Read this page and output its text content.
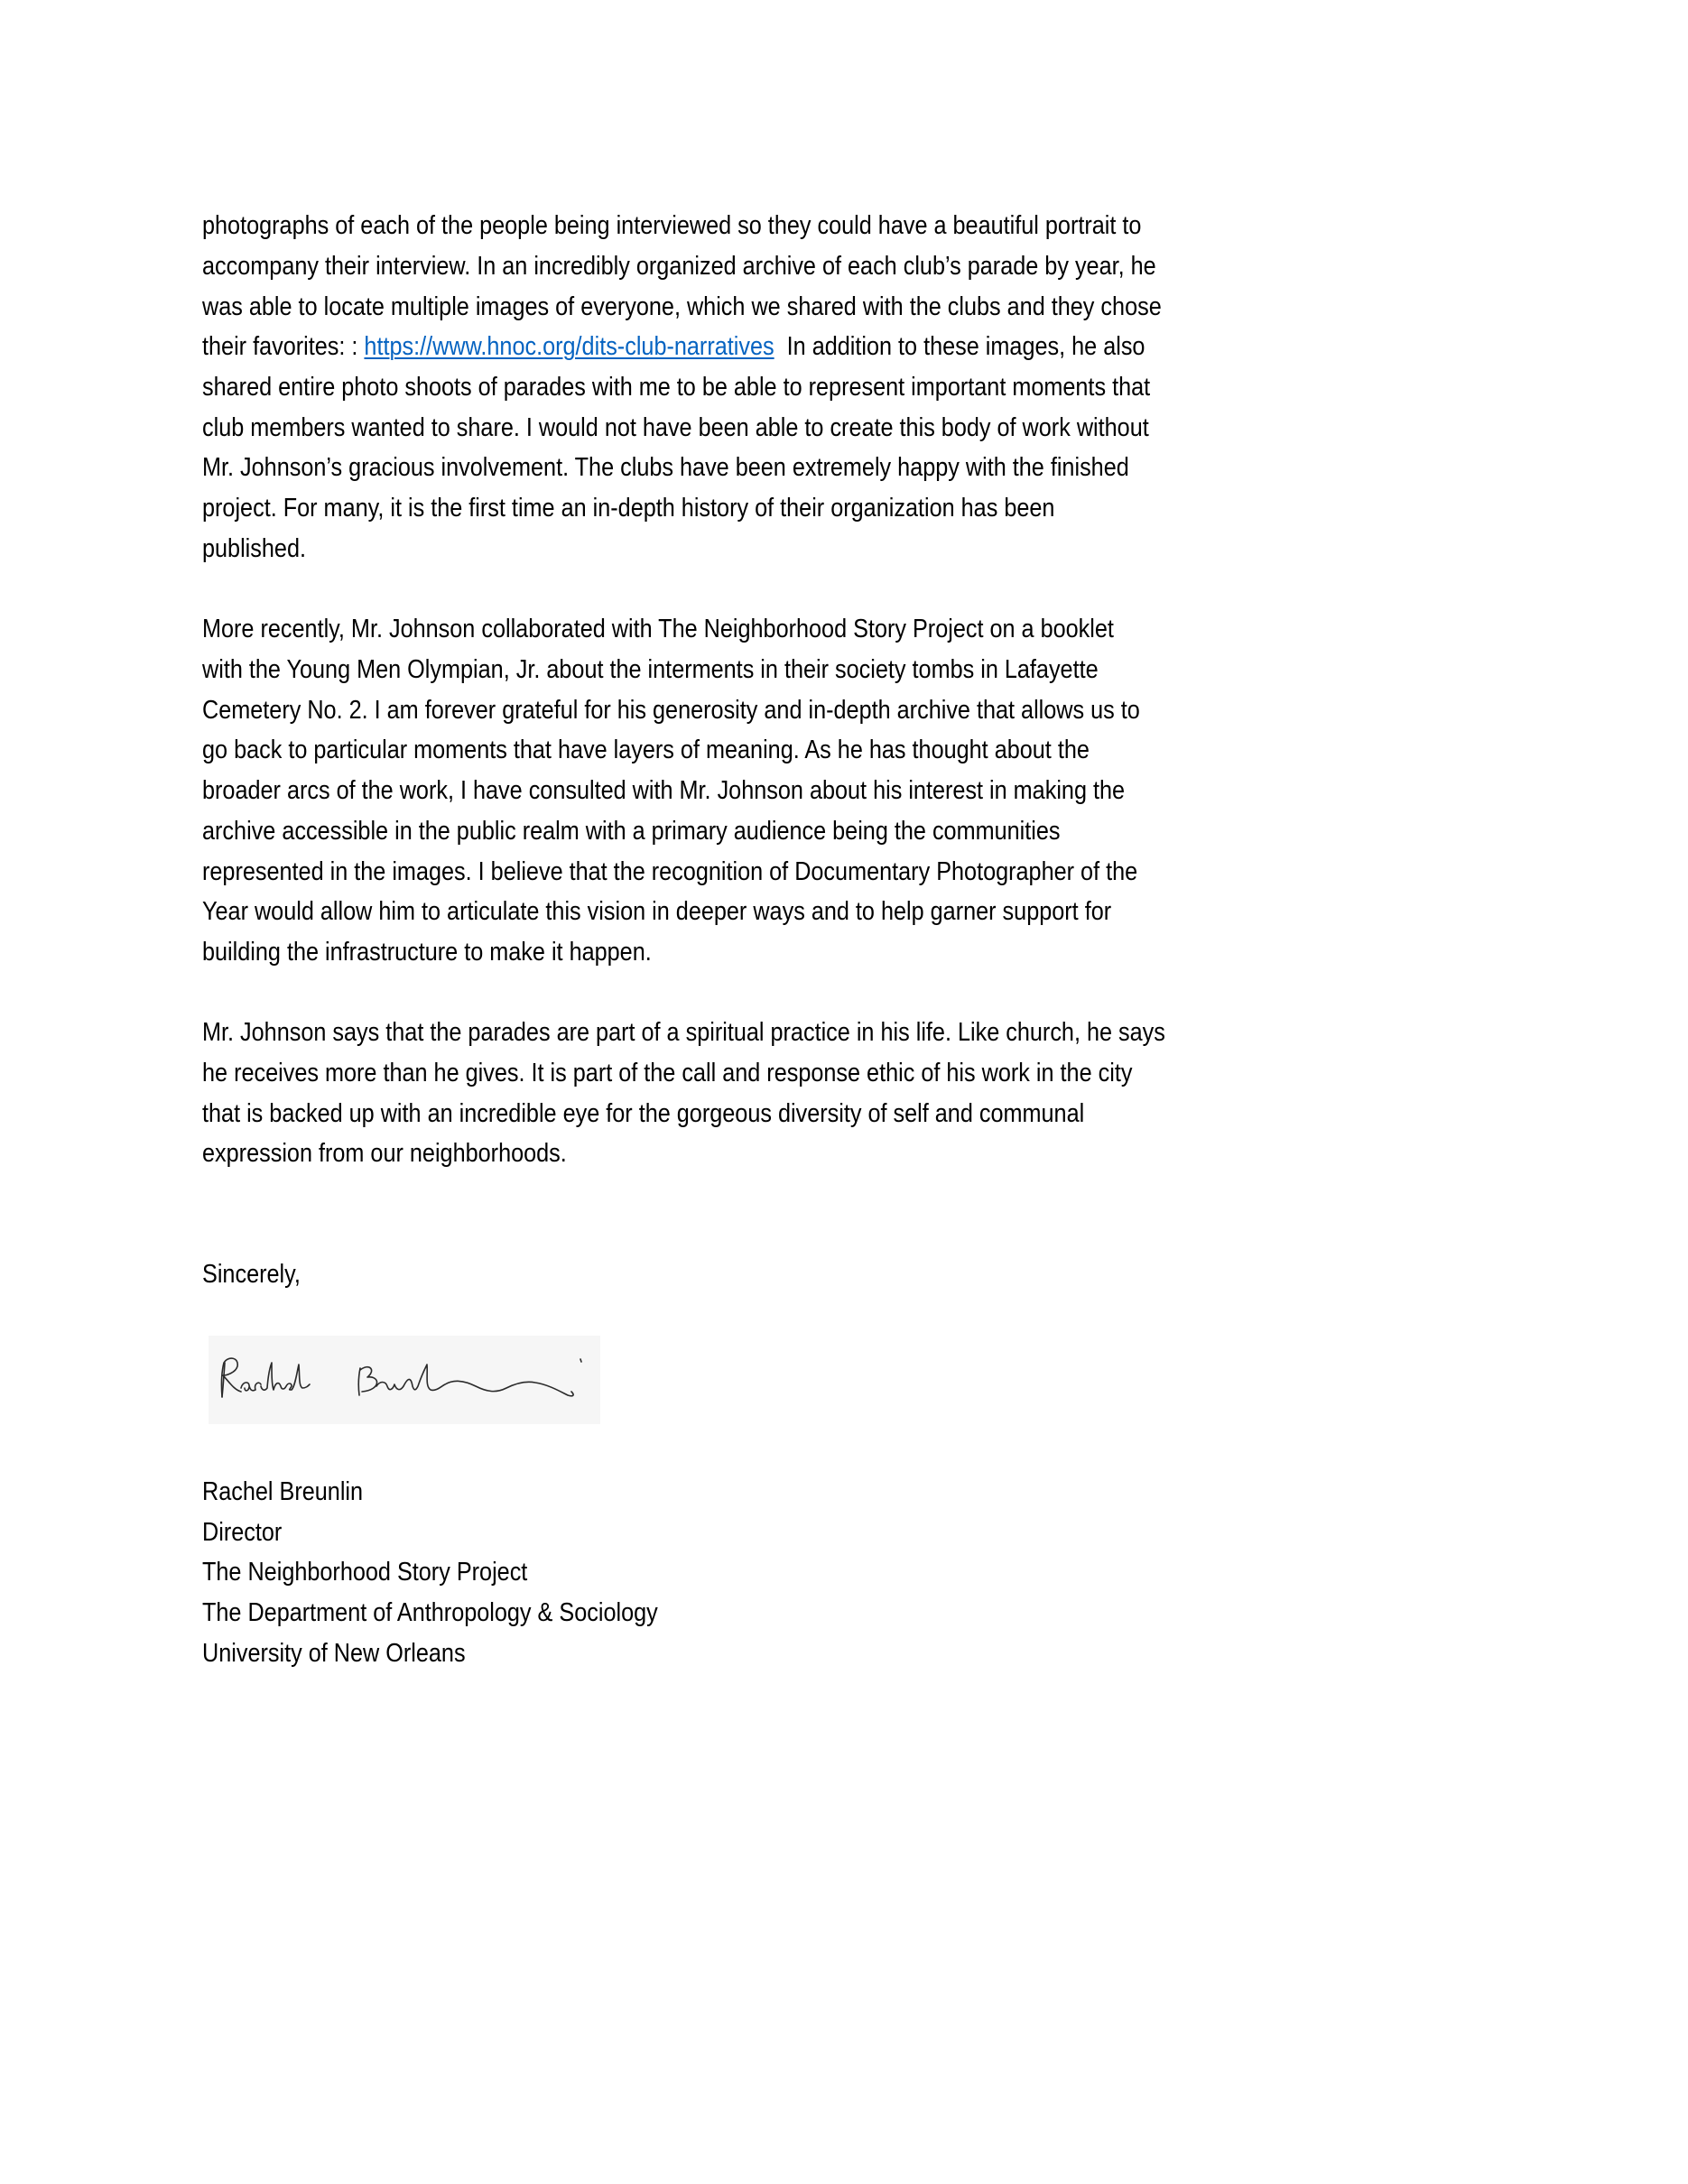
photographs of each of the people being interviewed so they could have a beautiful portrait to
accompany their interview. In an incredibly organized archive of each club’s parade by year, he
was able to locate multiple images of everyone, which we shared with the clubs and they chose
their favorites: : https://www.hnoc.org/dits-club-narratives  In addition to these images, he also
shared entire photo shoots of parades with me to be able to represent important moments that
club members wanted to share. I would not have been able to create this body of work without
Mr. Johnson’s gracious involvement. The clubs have been extremely happy with the finished
project. For many, it is the first time an in-depth history of their organization has been
published.
More recently, Mr. Johnson collaborated with The Neighborhood Story Project on a booklet
with the Young Men Olympian, Jr. about the interments in their society tombs in Lafayette
Cemetery No. 2. I am forever grateful for his generosity and in-depth archive that allows us to
go back to particular moments that have layers of meaning. As he has thought about the
broader arcs of the work, I have consulted with Mr. Johnson about his interest in making the
archive accessible in the public realm with a primary audience being the communities
represented in the images. I believe that the recognition of Documentary Photographer of the
Year would allow him to articulate this vision in deeper ways and to help garner support for
building the infrastructure to make it happen.
Mr. Johnson says that the parades are part of a spiritual practice in his life. Like church, he says
he receives more than he gives. It is part of the call and response ethic of his work in the city
that is backed up with an incredible eye for the gorgeous diversity of self and communal
expression from our neighborhoods.
Sincerely,
Rachel Breunlin
Director
The Neighborhood Story Project
The Department of Anthropology & Sociology
University of New Orleans
